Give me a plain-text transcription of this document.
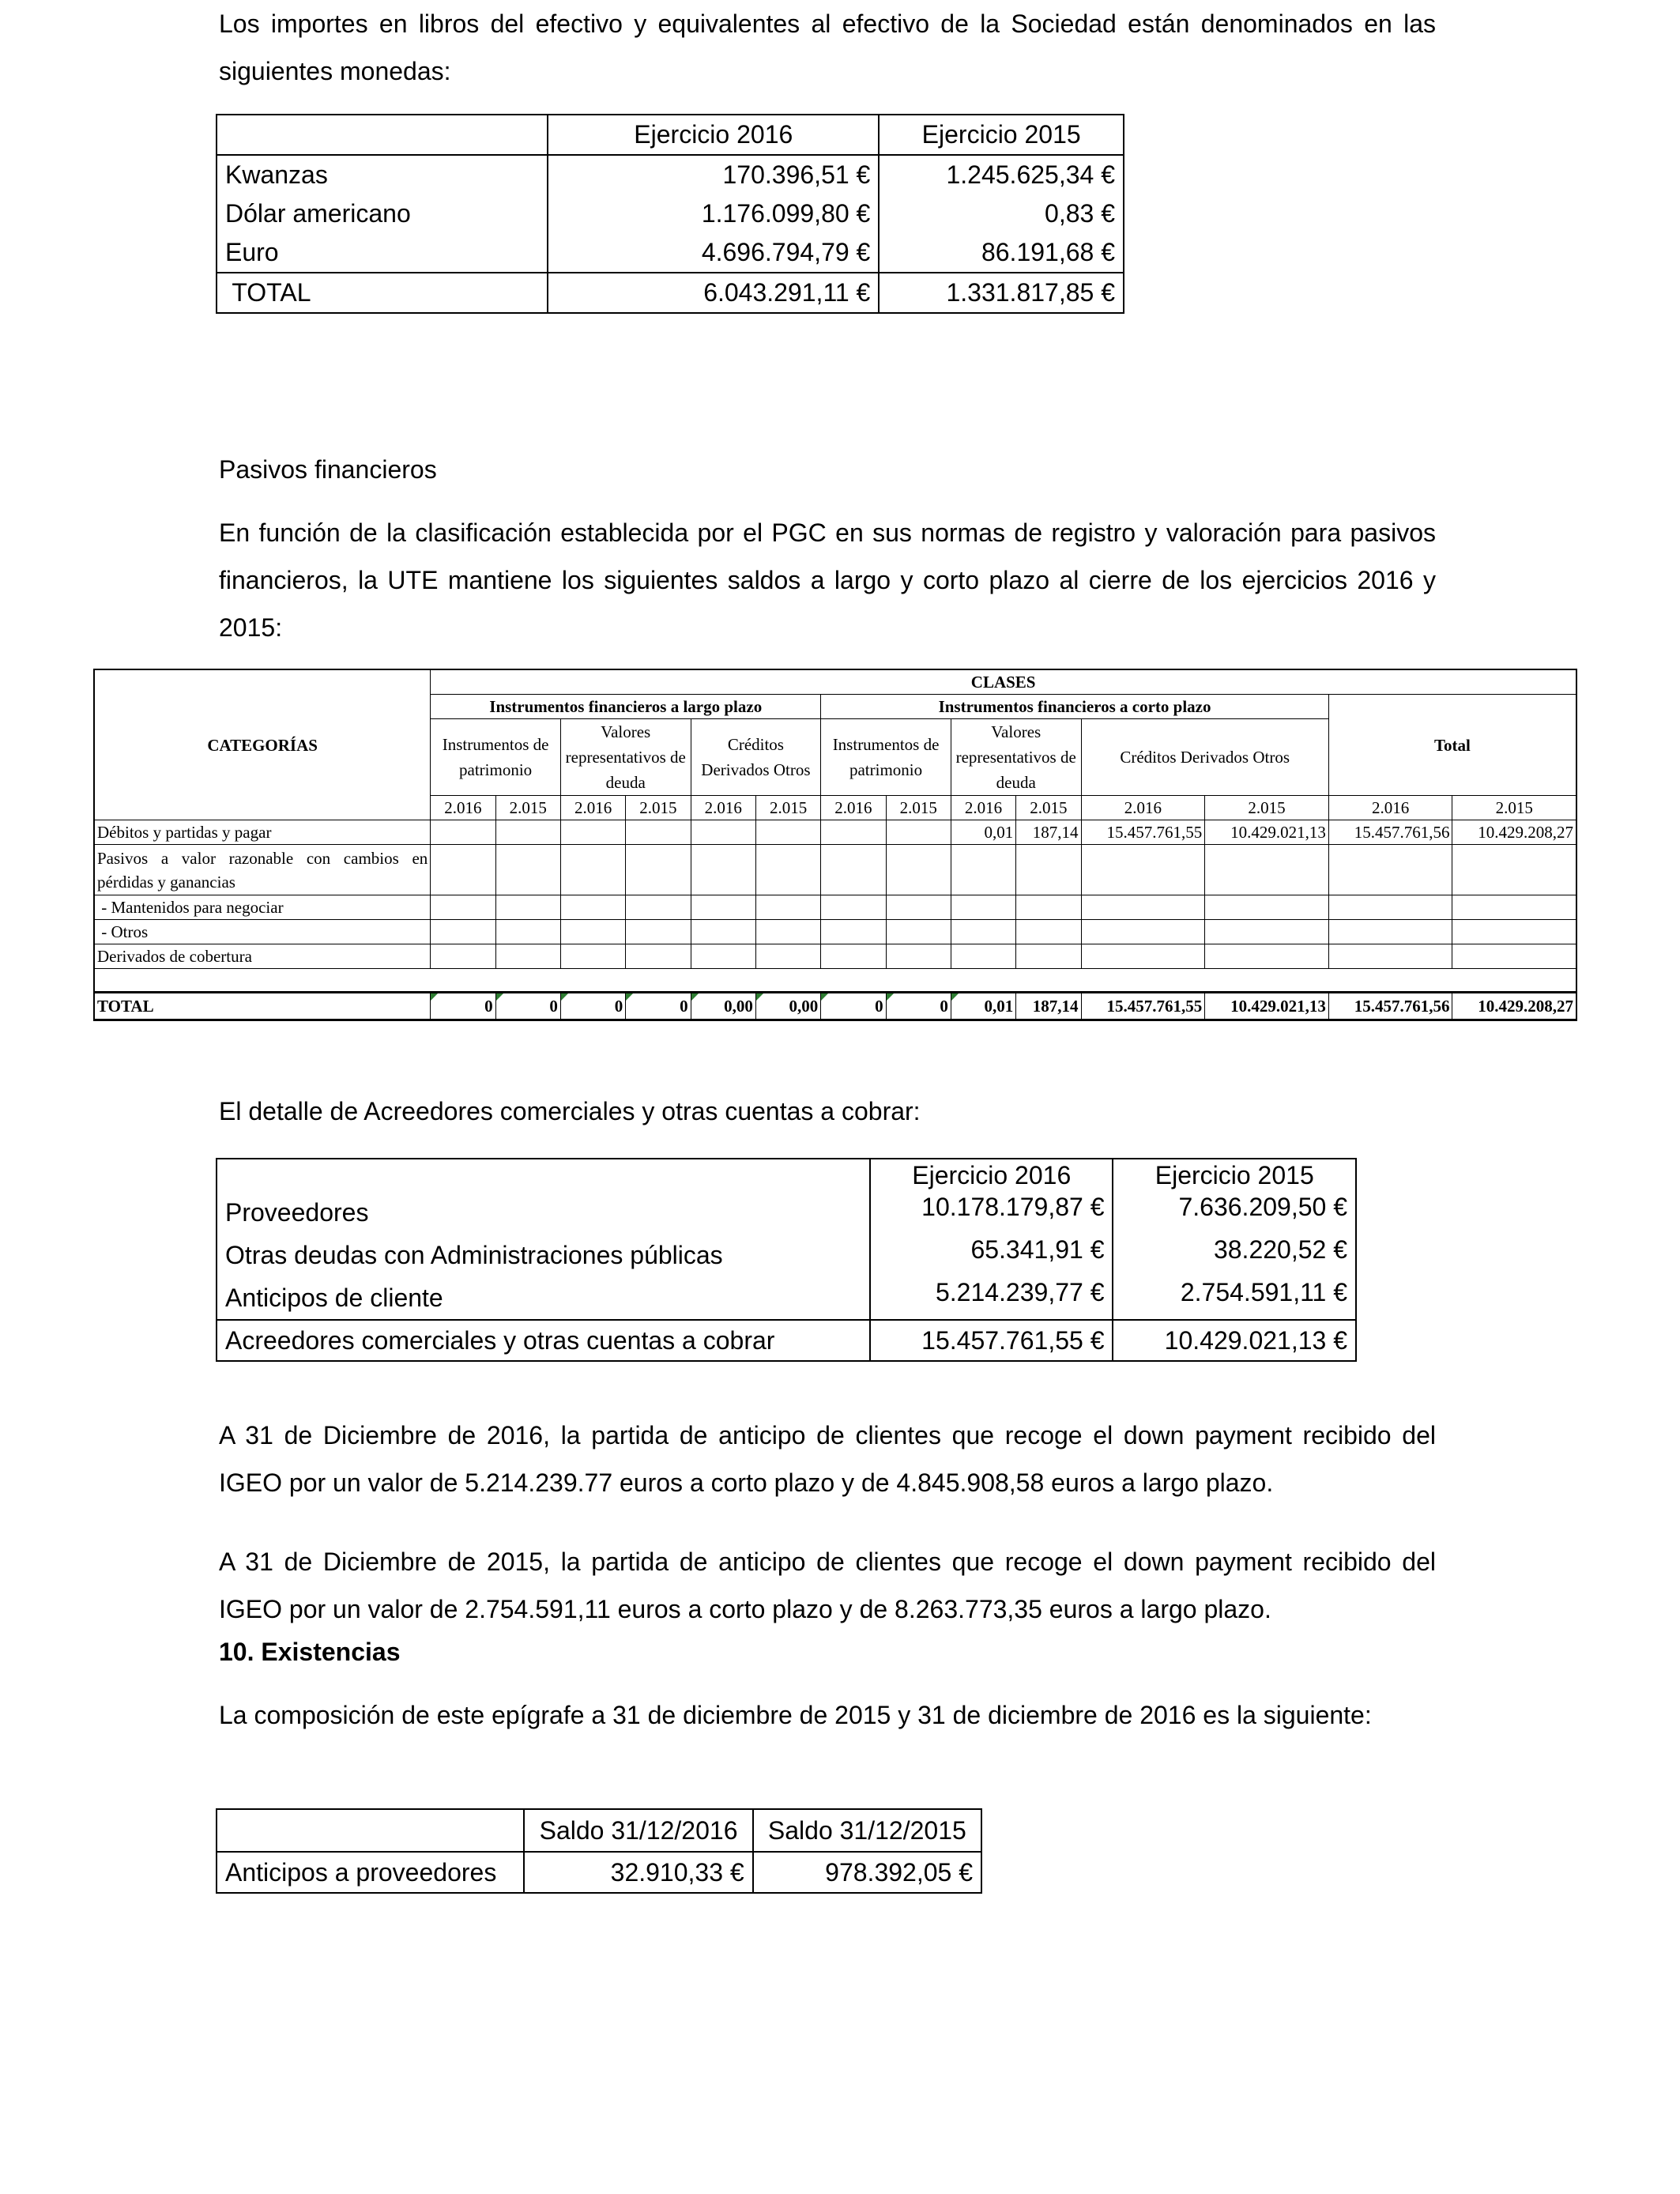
Los importes en libros del efectivo y equivalentes al efectivo de la Sociedad están denominados en las siguientes monedas:
	Ejercicio 2016	Ejercicio 2015
Kwanzas	170.396,51 €	1.245.625,34 €
Dólar americano	1.176.099,80 €	0,83 €
Euro	4.696.794,79 €	86.191,68 €
TOTAL	6.043.291,11 €	1.331.817,85 €
Pasivos financieros
En función de la clasificación establecida por el PGC en sus normas de registro y valoración para pasivos financieros, la UTE mantiene los siguientes saldos a largo y corto plazo al cierre de los ejercicios 2016 y 2015:
CATEGORÍAS	CLASES													
	Instrumentos financieros a largo plazo						Instrumentos financieros a corto plazo						Total	
	Instrumentos de patrimonio		Valores representativos de deuda		Créditos Derivados Otros		Instrumentos de patrimonio		Valores representativos de deuda		Créditos Derivados Otros			
	2.016	2.015	2.016	2.015	2.016	2.015	2.016	2.015	2.016	2.015	2.016	2.015	2.016	2.015
Débitos y partidas y pagar									0,01	187,14	15.457.761,55	10.429.021,13	15.457.761,56	10.429.208,27
Pasivos a valor razonable con cambios en pérdidas y ganancias														
- Mantenidos para negociar														
- Otros														
Derivados de cobertura														

TOTAL	0	0	0	0	0,00	0,00	0	0	0,01	187,14	15.457.761,55	10.429.021,13	15.457.761,56	10.429.208,27
El detalle de Acreedores comerciales y otras cuentas a cobrar:
	Ejercicio 2016	Ejercicio 2015
Proveedores	10.178.179,87 €	7.636.209,50 €
Otras deudas con Administraciones públicas	65.341,91 €	38.220,52 €
Anticipos de cliente	5.214.239,77 €	2.754.591,11 €
Acreedores comerciales y otras cuentas a cobrar	15.457.761,55 €	10.429.021,13 €
A 31 de Diciembre de 2016, la partida de anticipo de clientes que recoge el down payment recibido del IGEO por un valor de 5.214.239.77 euros a corto plazo y de 4.845.908,58 euros a largo plazo.
A 31 de Diciembre de 2015, la partida de anticipo de clientes que recoge el down payment recibido del IGEO por un valor de 2.754.591,11 euros a corto plazo y de 8.263.773,35 euros a largo plazo.
10. Existencias
La composición de este epígrafe a 31 de diciembre de 2015 y 31 de diciembre de 2016 es la siguiente:
	Saldo 31/12/2016	Saldo 31/12/2015
Anticipos a proveedores	32.910,33 €	978.392,05 €
